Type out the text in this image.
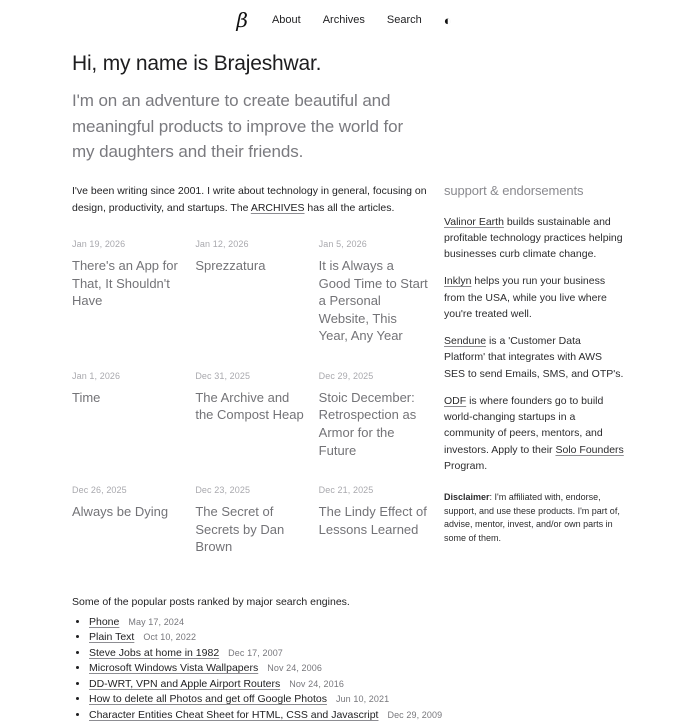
β About Archives Search ◐
Hi, my name is Brajeshwar.

I'm on an adventure to create beautiful and meaningful products to improve the world for my daughters and their friends.

I've been writing since 2001. I write about technology in general, focusing on design, productivity, and startups. The ARCHIVES has all the articles.

Jan 19, 2026
There's an App for That, It Shouldn't Have
Jan 12, 2026
Sprezzatura
Jan 5, 2026
It is Always a Good Time to Start a Personal Website, This Year, Any Year
Jan 1, 2026
Time
Dec 31, 2025
The Archive and the Compost Heap
Dec 29, 2025
Stoic December: Retrospection as Armor for the Future
Dec 26, 2025
Always be Dying
Dec 23, 2025
The Secret of Secrets by Dan Brown
Dec 21, 2025
The Lindy Effect of Lessons Learned
support & endorsements

Valinor Earth builds sustainable and profitable technology practices helping businesses curb climate change.

Inklyn helps you run your business from the USA, while you live where you're treated well.

Sendune is a 'Customer Data Platform' that integrates with AWS SES to send Emails, SMS, and OTP's.

ODF is where founders go to build world-changing startups in a community of peers, mentors, and investors. Apply to their Solo Founders Program.

Disclaimer: I'm affiliated with, endorse, support, and use these products. I'm part of, advise, mentor, invest, and/or own parts in some of them.

Some of the popular posts ranked by major search engines.

• Phone May 17, 2024
• Plain Text Oct 10, 2022
• Steve Jobs at home in 1982 Dec 17, 2007
• Microsoft Windows Vista Wallpapers Nov 24, 2006
• DD-WRT, VPN and Apple Airport Routers Nov 24, 2016
• How to delete all Photos and get off Google Photos Jun 10, 2021
• Character Entities Cheat Sheet for HTML, CSS and Javascript Dec 29, 2009
